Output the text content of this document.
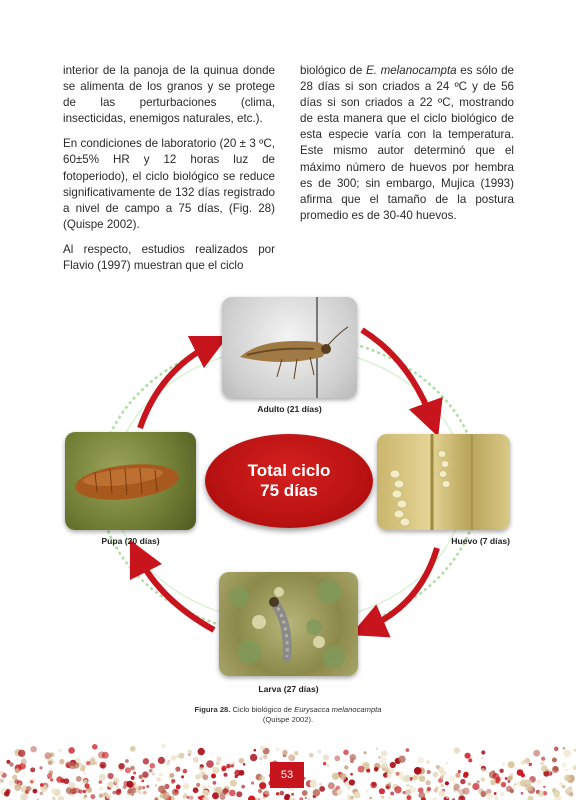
interior de la panoja de la quinua donde se alimenta de los granos y se protege de las perturbaciones (clima, insecticidas, enemigos naturales, etc.).

En condiciones de laboratorio (20 ± 3 ºC, 60±5% HR y 12 horas luz de fotoperiodo), el ciclo biológico se reduce significativamente de 132 días registrado a nivel de campo a 75 días, (Fig. 28) (Quispe 2002).

Al respecto, estudios realizados por Flavio (1997) muestran que el ciclo

biológico de E. melanocampta es sólo de 28 días si son criados a 24 ºC y de 56 días si son criados a 22 ºC, mostrando de esta manera que el ciclo biológico de esta especie varía con la temperatura. Este mismo autor determinó que el máximo número de huevos por hembra es de 300; sin embargo, Mujica (1993) afirma que el tamaño de la postura promedio es de 30-40 huevos.

Adulto (21 días)
Huevo (7 días)
Pupa (20 días)
Larva (27 días)
Total ciclo
75 días
Figura 28. Ciclo biológico de Eurysacca melanocampta
(Quispe 2002).
53
